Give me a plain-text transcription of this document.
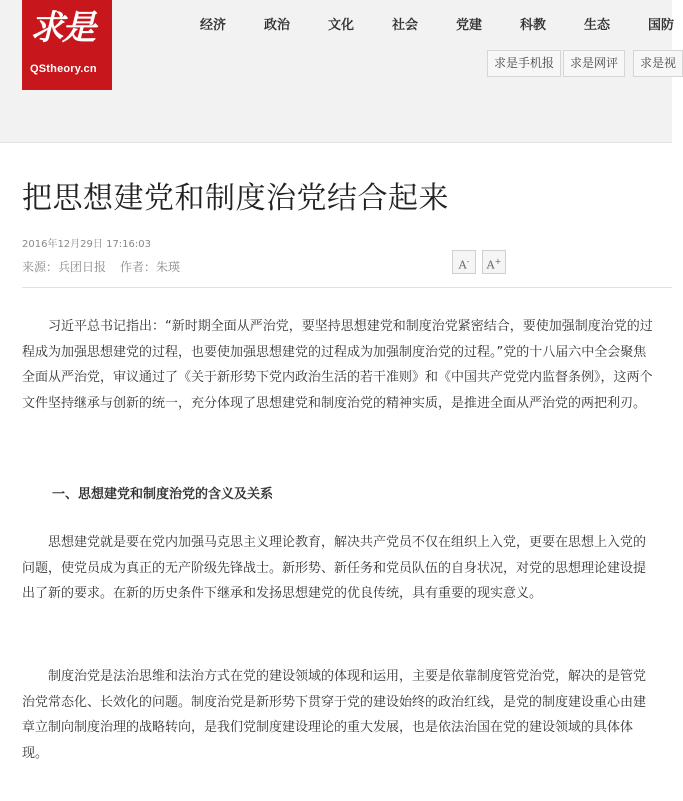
求是
QStheory.cn
经济	政治	文化	社会	党建	科教	生态	国防
求是手机报	求是网评	求是视
把思想建党和制度治党结合起来
2016年12月29日 17:16:03
来源：兵团日报 作者：朱瑛	A-	A+

习近平总书记指出：“新时期全面从严治党，要坚持思想建党和制度治党紧密结合，要使加强制度治党的过程成为加强思想建党的过程，也要使加强思想建党的过程成为加强制度治党的过程。”党的十八届六中全会聚焦全面从严治党，审议通过了《关于新形势下党内政治生活的若干准则》和《中国共产党党内监督条例》，这两个文件坚持继承与创新的统一，充分体现了思想建党和制度治党的精神实质，是推进全面从严治党的两把利刃。

一、思想建党和制度治党的含义及关系

思想建党就是要在党内加强马克思主义理论教育，解决共产党员不仅在组织上入党，更要在思想上入党的问题，使党员成为真正的无产阶级先锋战士。新形势、新任务和党员队伍的自身状况，对党的思想理论建设提出了新的要求。在新的历史条件下继承和发扬思想建党的优良传统，具有重要的现实意义。

制度治党是法治思维和法治方式在党的建设领域的体现和运用，主要是依靠制度管党治党，解决的是管党治党常态化、长效化的问题。制度治党是新形势下贯穿于党的建设始终的政治红线，是党的制度建设重心由建章立制向制度治理的战略转向，是我们党制度建设理论的重大发展，也是依法治国在党的建设领域的具体体现。
